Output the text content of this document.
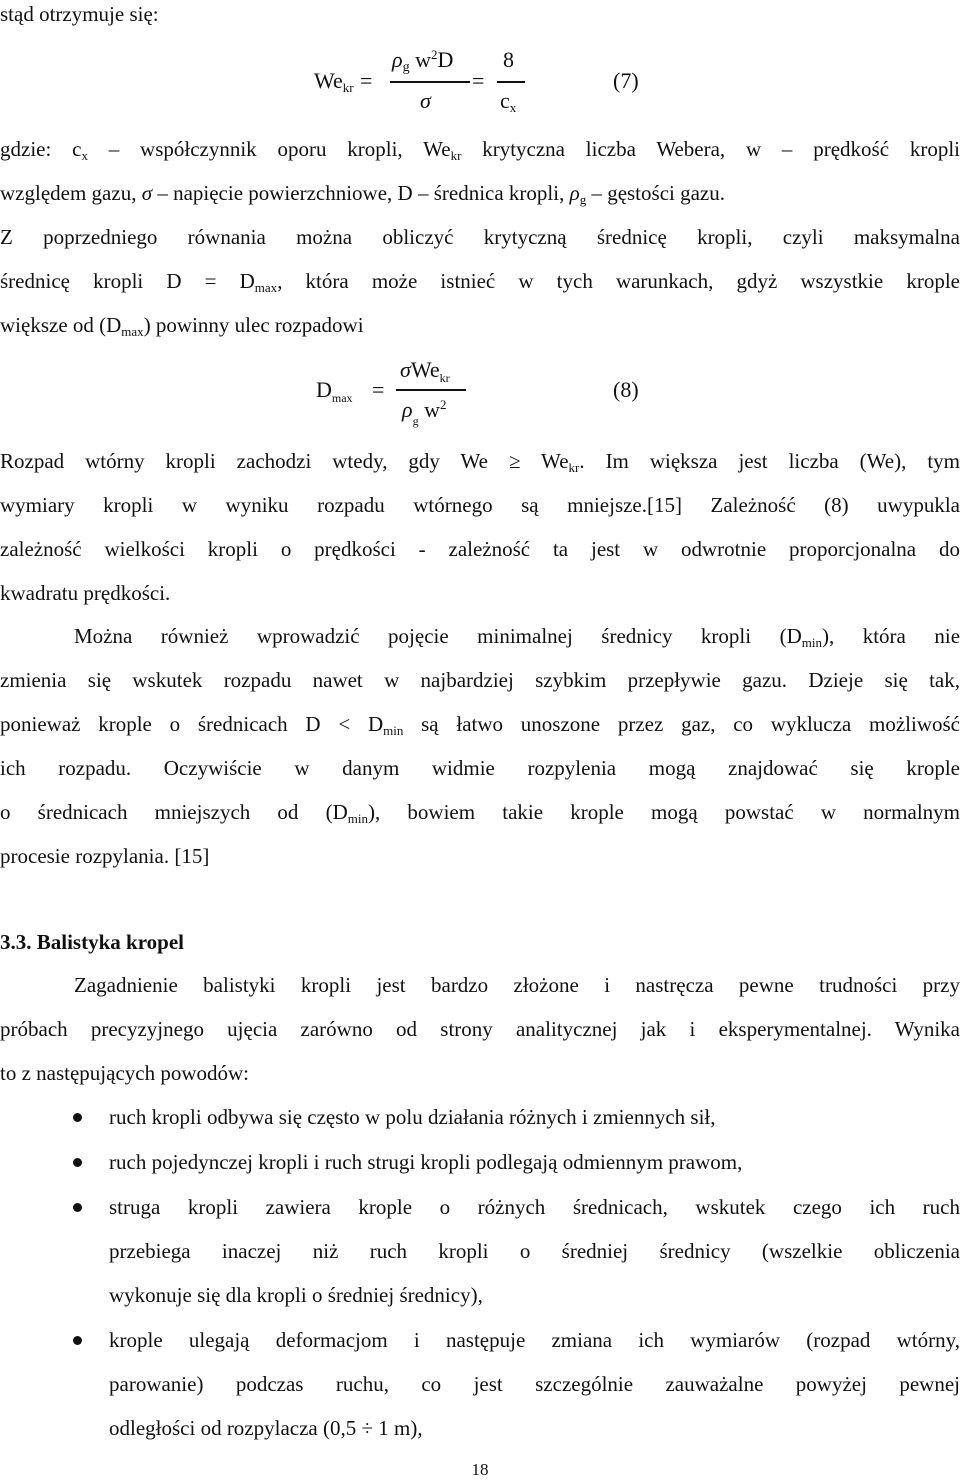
stąd otrzymuje się:
Wekr =
ρg $w^2D$
σ
=
8
cx
(7)
gdzie: cx – współczynnik oporu kropli, Wekr krytyczna liczba Webera, w – prędkość kropli
względem gazu, σ – napięcie powierzchniowe, D – średnica kropli, ρg – gęstości gazu.
Z poprzedniego równania można obliczyć krytyczną średnicę kropli, czyli maksymalna
średnicę kropli D = Dmax, która może istnieć w tych warunkach, gdyż wszystkie krople
większe od (Dmax) powinny ulec rozpadowi
$D_{max}$ =
σWe$_{kr}$
$\rho_g$ $w^2$
(8)
Rozpad wtórny kropli zachodzi wtedy, gdy We ≥ Wekr. Im większa jest liczba (We), tym
wymiary kropli w wyniku rozpadu wtórnego są mniejsze.[15] Zależność (8) uwypukla
zależność wielkości kropli o prędkości - zależność ta jest w odwrotnie proporcjonalna do
kwadratu prędkości.
Można również wprowadzić pojęcie minimalnej średnicy kropli (Dmin), która nie
zmienia się wskutek rozpadu nawet w najbardziej szybkim przepływie gazu. Dzieje się tak,
ponieważ krople o średnicach D < Dmin są łatwo unoszone przez gaz, co wyklucza możliwość
ich rozpadu. Oczywiście w danym widmie rozpylenia mogą znajdować się krople
o średnicach mniejszych od (Dmin), bowiem takie krople mogą powstać w normalnym
procesie rozpylania. [15]
3.3. Balistyka kropel
Zagadnienie balistyki kropli jest bardzo złożone i nastręcza pewne trudności przy
próbach precyzyjnego ujęcia zarówno od strony analitycznej jak i eksperymentalnej. Wynika
to z następujących powodów:
ruch kropli odbywa się często w polu działania różnych i zmiennych sił,
ruch pojedynczej kropli i ruch strugi kropli podlegają odmiennym prawom,
struga kropli zawiera krople o różnych średnicach, wskutek czego ich ruch
przebiega inaczej niż ruch kropli o średniej średnicy (wszelkie obliczenia
wykonuje się dla kropli o średniej średnicy),
krople ulegają deformacjom i następuje zmiana ich wymiarów (rozpad wtórny,
parowanie) podczas ruchu, co jest szczególnie zauważalne powyżej pewnej
odległości od rozpylacza (0,5 ÷ 1 m),
18
